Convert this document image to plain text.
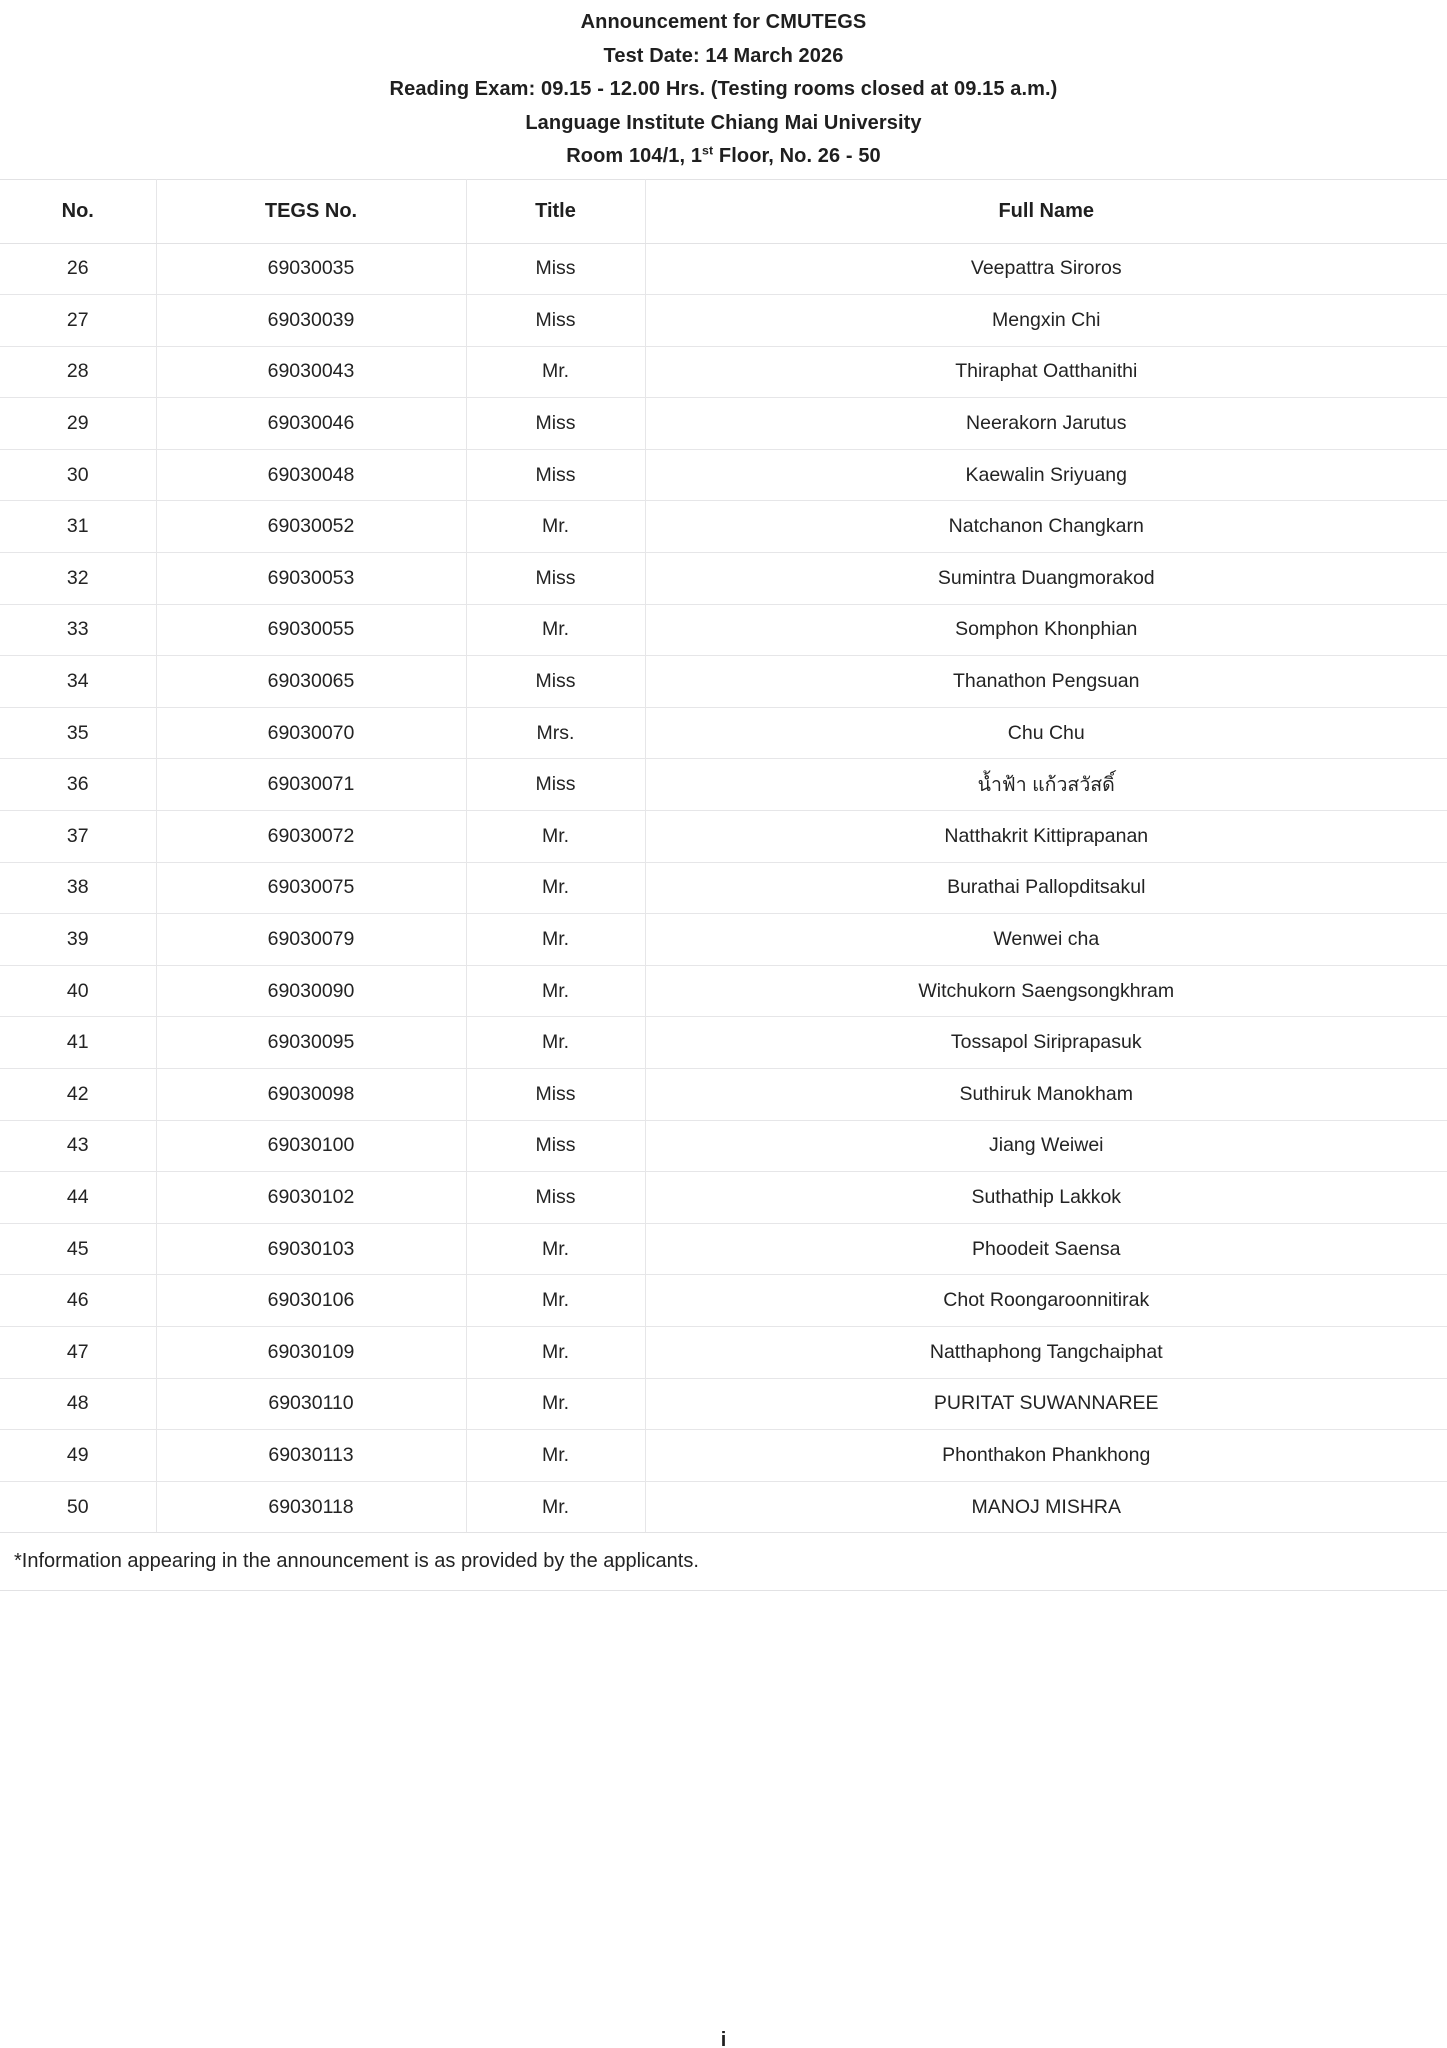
Announcement for CMUTEGS
Test Date: 14 March 2026
Reading Exam: 09.15 - 12.00 Hrs. (Testing rooms closed at 09.15 a.m.)
Language Institute Chiang Mai University
Room 104/1, 1st Floor, No. 26 - 50
No.	TEGS No.	Title	Full Name
26	69030035	Miss	Veepattra Siroros
27	69030039	Miss	Mengxin Chi
28	69030043	Mr.	Thiraphat Oatthanithi
29	69030046	Miss	Neerakorn Jarutus
30	69030048	Miss	Kaewalin Sriyuang
31	69030052	Mr.	Natchanon Changkarn
32	69030053	Miss	Sumintra Duangmorakod
33	69030055	Mr.	Somphon Khonphian
34	69030065	Miss	Thanathon Pengsuan
35	69030070	Mrs.	Chu Chu
36	69030071	Miss	น้ำฟ้า แก้วสวัสดิ์
37	69030072	Mr.	Natthakrit Kittiprapanan
38	69030075	Mr.	Burathai Pallopditsakul
39	69030079	Mr.	Wenwei cha
40	69030090	Mr.	Witchukorn Saengsongkhram
41	69030095	Mr.	Tossapol Siriprapasuk
42	69030098	Miss	Suthiruk Manokham
43	69030100	Miss	Jiang Weiwei
44	69030102	Miss	Suthathip Lakkok
45	69030103	Mr.	Phoodeit Saensa
46	69030106	Mr.	Chot Roongaroonnitirak
47	69030109	Mr.	Natthaphong Tangchaiphat
48	69030110	Mr.	PURITAT SUWANNAREE
49	69030113	Mr.	Phonthakon Phankhong
50	69030118	Mr.	MANOJ MISHRA
*Information appearing in the announcement is as provided by the applicants.			
i
